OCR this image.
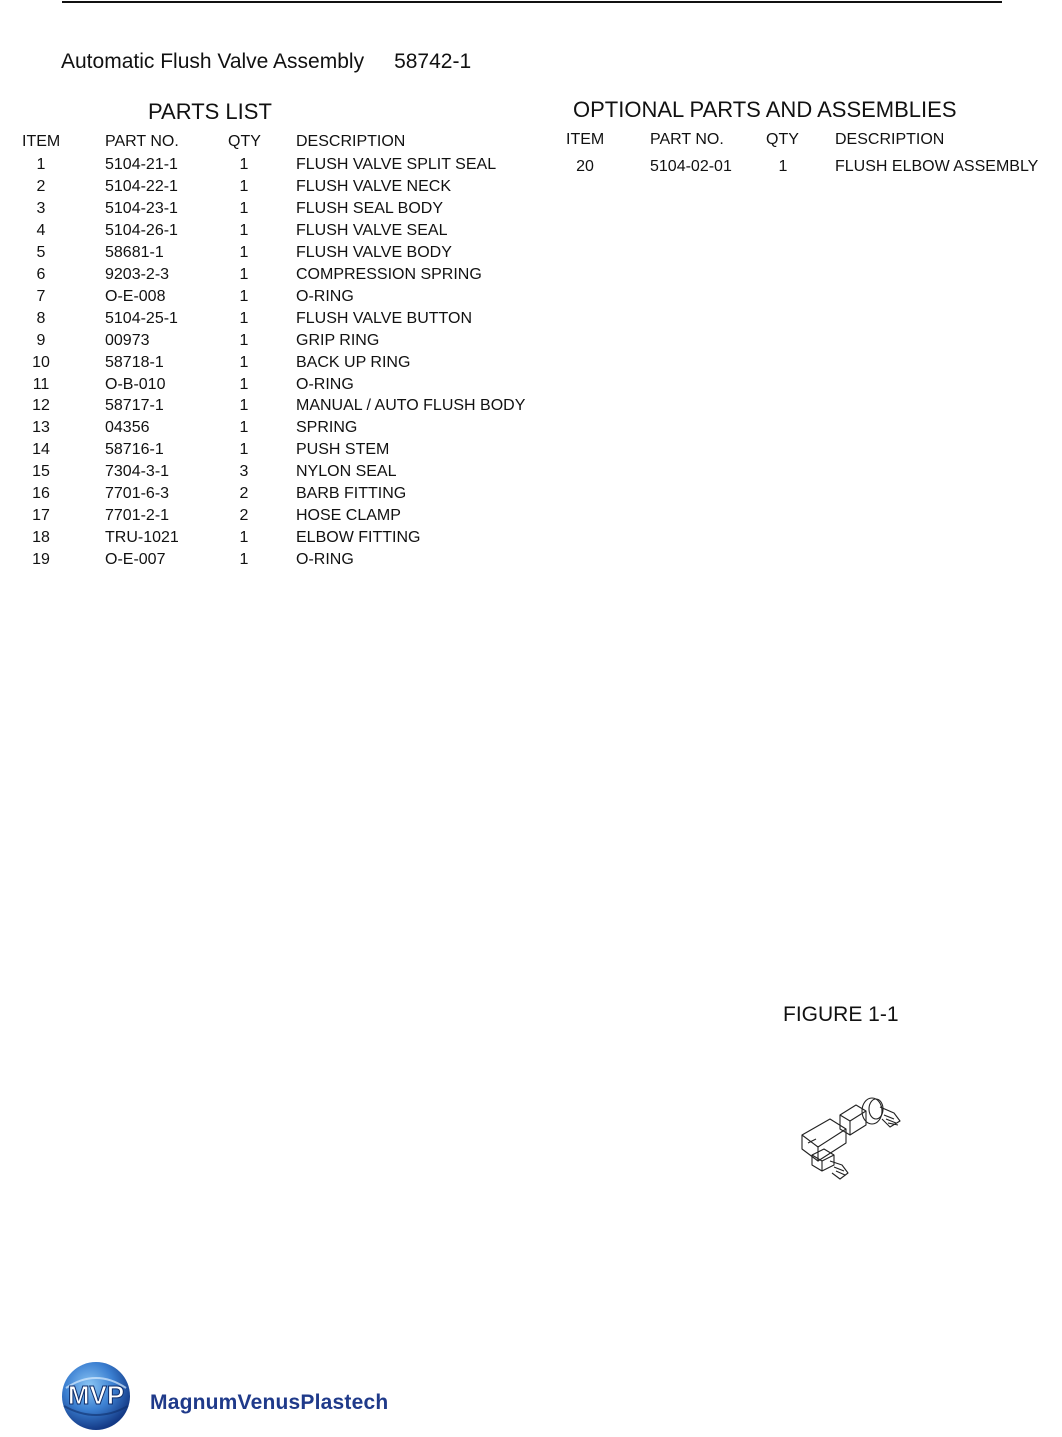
Automatic Flush Valve Assembly 58742-1
PARTS LIST	OPTIONAL PARTS AND ASSEMBLIES
ITEM	PART NO.	QTY DESCRIPTION
1	5104-21-1	1	FLUSH VALVE SPLIT SEAL
2	5104-22-1	1	FLUSH VALVE NECK
3	5104-23-1	1	FLUSH SEAL BODY
4	5104-26-1	1	FLUSH VALVE SEAL
5	58681-1	1	FLUSH VALVE BODY
6	9203-2-3	1	COMPRESSION SPRING
7	O-E-008	1	O-RING
8	5104-25-1	1	FLUSH VALVE BUTTON
9	00973	1	GRIP RING
10	58718-1	1	BACK UP RING
11	O-B-010	1	O-RING
12	58717-1	1	MANUAL / AUTO FLUSH BODY
13	04356	1	SPRING
14	58716-1	1	PUSH STEM
15	7304-3-1	3	NYLON SEAL
16	7701-6-3	2	BARB FITTING
17	7701-2-1	2	HOSE CLAMP
18	TRU-1021	1	ELBOW FITTING
19	O-E-007	1	O-RING
ITEM	PART NO.	QTY DESCRIPTION
20	5104-02-01	1	FLUSH ELBOW ASSEMBLY
FIGURE 1-1
MVP MagnumVenusPlastech
